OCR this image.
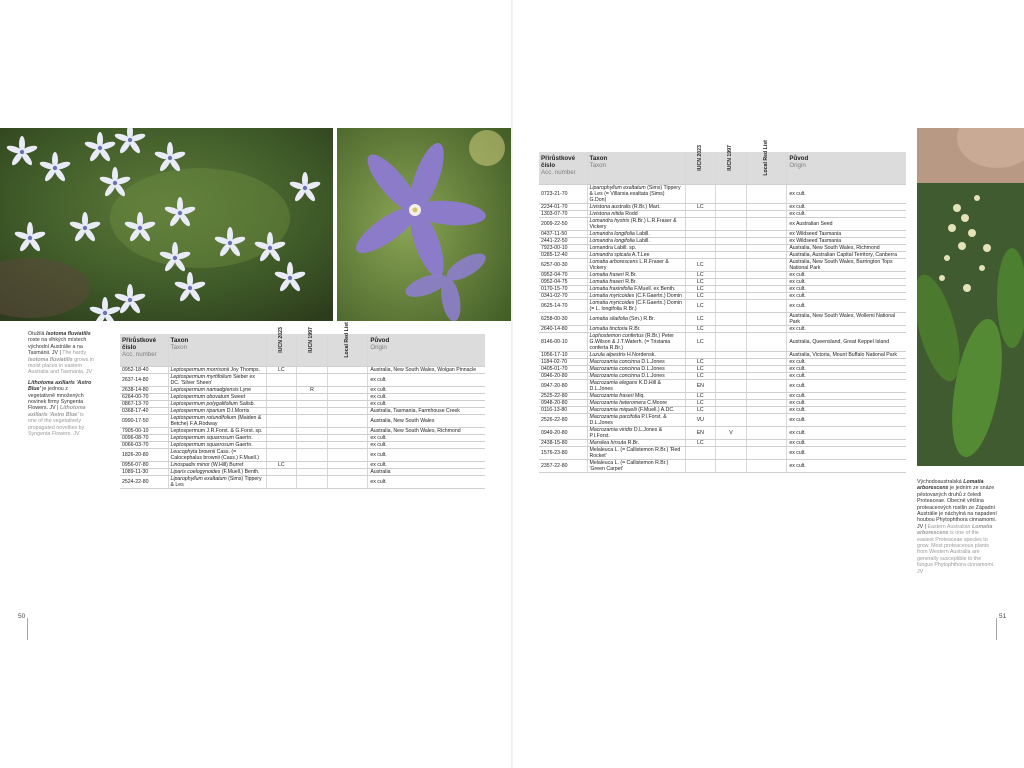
Otužilá Isotoma fluviatilis roste na vlhkých místech východní Austrálie a na Tasmánii. JV | The hardy Isotoma fluviatilis grows in moist places in eastern Australia and Tasmania. JV

Lithotoma axillaris 'Astro Blue' je jednou z vegetativně množených novinek firmy Syngenta Flowers. JV | Lithotoma axillaris 'Astro Blue' is one of the vegetatively propagated novelties by Syngenta Flowers. JV

Východoaustralská Lomatia arborescens je jedním ze snáze pěstovaných druhů z čeledi Proteaceae. Obecně většina proteaceových rostlin ze Západní Austrálie je náchylná na napadení houbou Phytophthora cinnamomi. JV | Eastern Australian Lomatia arborescens is one of the easiest Proteaceae species to grow. Most proteaceous plants from Western Australia are generally susceptible to the fungus Phytophthora cinnamomi. JV

Přírůstkové číslo
Acc. number	Taxon
Taxon	IUCN 2023	IUCN 1997	Local Red List	Původ
Origin

0952-18-40	Leptospermum morrisonii Joy Thomps.	LC			Australia, New South Wales, Wolgan Pinnacle
2637-14-80	Leptospermum myrtifolium Sieber ex DC. 'Silver Sheen'				ex cult.
2638-14-80	Leptospermum namadgiensis Lyne		R		ex cult.
6264-00-70	Leptospermum obovatum Sweet				ex cult.
0867-13-70	Leptospermum polygalifolium Salisb.				ex cult.
0368-17-40	Leptospermum riparium D.I.Morris				Australia, Tasmania, Farmhouse Creek
0990-17-50	Leptospermum rotundifolium (Maiden & Betche) F.A.Rodway				Australia, New South Wales
7905-00-10	Leptospermum J.R.Forst. & G.Forst. sp.				Australia, New South Wales, Richmond
0096-08-70	Leptospermum squarrosum Gaertn.				ex cult.
0066-03-70	Leptospermum squarrosum Gaertn.				ex cult.
1826-20-80	Leucophyta brownii Cass. (= Calocephalus brownii (Cass.) F.Muell.)				ex cult.
0956-07-80	Linospadix minor (W.Hill) Burret	LC			ex cult.
1089-11-30	Liparis coelogynoides (F.Muell.) Benth.				Australia
2524-22-80	Liparophyllum exaltatum (Sims) Tippery & Les				ex cult.
Přírůstkové číslo
Acc. number	Taxon
Taxon	IUCN 2023	IUCN 1997	Local Red List	Původ
Origin

0723-21-70	Liparophyllum exaltatum (Sims) Tippery & Les (= Villarsia exaltata (Sims) G.Don)				ex cult.
2234-01-70	Livistona australis (R.Br.) Mart.	LC			ex cult.
1303-07-70	Livistona nitida Rodd				ex cult.
2009-22-50	Lomandra hystrix (R.Br.) L.R.Fraser & Vickery				ex Australian Seed
0437-11-50	Lomandra longifolia Labill.				ex Wildseed Tasmania
2441-22-50	Lomandra longifolia Labill.				ex Wildseed Tasmania
7923-00-10	Lomandra Labill. sp.				Australia, New South Wales, Richmond
0285-12-40	Lomandra spicata A.T.Lee				Australia, Australian Capital Territory, Canberra
6257-00-30	Lomatia arborescens L.R.Fraser & Vickery	LC			Australia, New South Wales, Barrington Tops National Park
0952-04-70	Lomatia fraseri R.Br.	LC			ex cult.
0952-04-75	Lomatia fraseri R.Br.	LC			ex cult.
0170-15-70	Lomatia fraxinifolia F.Muell. ex Benth.	LC			ex cult.
0341-02-70	Lomatia myricoides (C.F.Gaertn.) Domin	LC			ex cult.
0625-14-70	Lomatia myricoides (C.F.Gaertn.) Domin (= L. longifolia R.Br.)	LC			ex cult.
6258-00-30	Lomatia silaifolia (Sm.) R.Br.	LC			Australia, New South Wales, Wollemi National Park
2640-14-80	Lomatia tinctoria R.Br.	LC			ex cult.
8146-00-10	Lophostemon confertus (R.Br.) Peter G.Wilson & J.T.Waterh. (= Tristania conferta R.Br.)	LC			Australia, Queensland, Great Keppel Island
1056-17-10	Luzula alpestris H.Nordensk.				Australia, Victoria, Mount Buffalo National Park
1184-02-70	Macrozamia concinna D.L.Jones	LC			ex cult.
0405-01-70	Macrozamia concinna D.L.Jones	LC			ex cult.
0946-20-80	Macrozamia concinna D.L.Jones	LC			ex cult.
0947-20-80	Macrozamia elegans K.D.Hill & D.L.Jones	EN			ex cult.
2525-22-80	Macrozamia fraseri Miq.	LC			ex cult.
0948-20-80	Macrozamia heteromera C.Moore	LC			ex cult.
0116-13-80	Macrozamia miquelii (F.Muell.) A.DC.	LC			ex cult.
2526-22-80	Macrozamia parcifolia P.I.Forst. & D.L.Jones	VU			ex cult.
0949-20-80	Macrozamia viridis D.L.Jones & P.I.Forst.	EN	V		ex cult.
2438-15-80	Marsilea hirsuta R.Br.	LC			ex cult.
1576-23-80	Melaleuca L. (= Callistemon R.Br.) 'Red Rocket'				ex cult.
2357-22-80	Melaleuca L. (= Callistemon R.Br.) 'Green Carpet'				ex cult.
50	51
